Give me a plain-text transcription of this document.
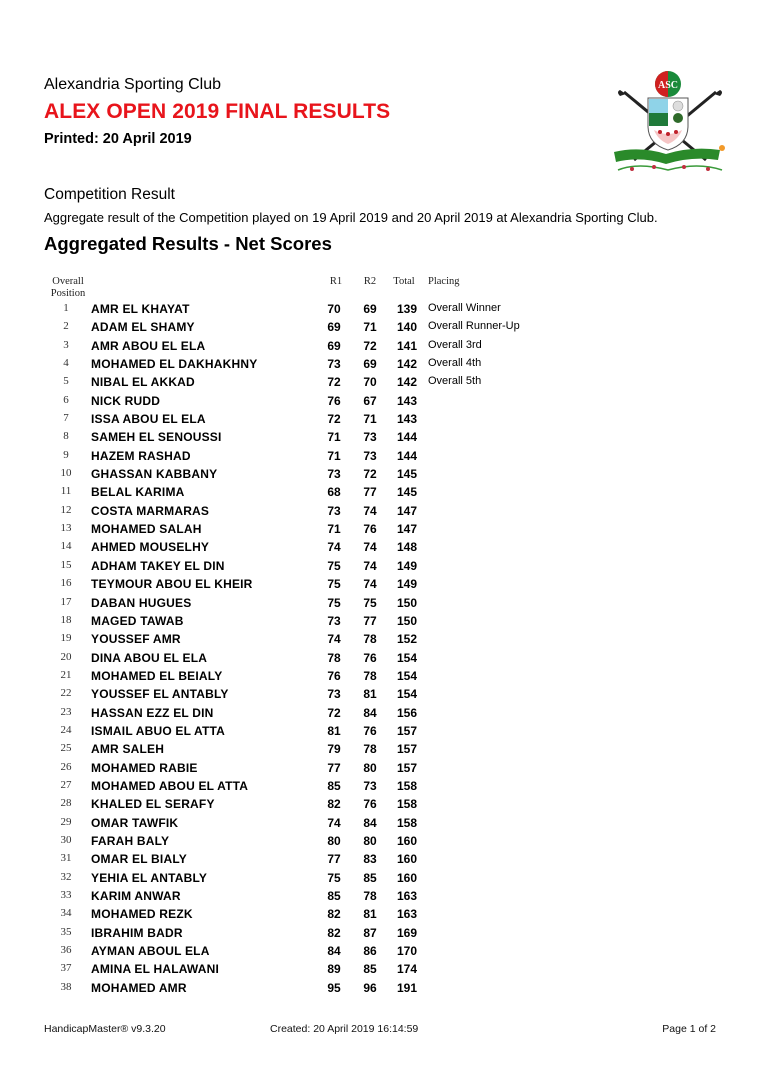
Alexandria Sporting Club
ALEX OPEN 2019 FINAL RESULTS
Printed: 20 April 2019
ASC
Competition Result
Aggregate result of the Competition played on 19 April 2019 and 20 April 2019 at Alexandria Sporting Club.
Aggregated Results - Net Scores
Overall
Position
R1	R2	Total Placing
1	AMR EL KHAYAT	70	69	139 Overall Winner
2	ADAM EL SHAMY	69	71	140 Overall Runner-Up
3	AMR ABOU EL ELA	69	72	141 Overall 3rd
4	MOHAMED EL DAKHAKHNY	73	69	142 Overall 4th
5	NIBAL EL AKKAD	72	70	142 Overall 5th
6	NICK RUDD	76	67	143
7	ISSA ABOU EL ELA	72	71	143
8	SAMEH EL SENOUSSI	71	73	144
9	HAZEM RASHAD	71	73	144
10	GHASSAN KABBANY	73	72	145
11	BELAL KARIMA	68	77	145
12	COSTA MARMARAS	73	74	147
13	MOHAMED SALAH	71	76	147
14	AHMED MOUSELHY	74	74	148
15	ADHAM TAKEY EL DIN	75	74	149
16	TEYMOUR ABOU EL KHEIR	75	74	149
17	DABAN HUGUES	75	75	150
18	MAGED TAWAB	73	77	150
19	YOUSSEF AMR	74	78	152
20	DINA ABOU EL ELA	78	76	154
21	MOHAMED EL BEIALY	76	78	154
22	YOUSSEF EL ANTABLY	73	81	154
23	HASSAN EZZ EL DIN	72	84	156
24	ISMAIL ABUO EL ATTA	81	76	157
25	AMR SALEH	79	78	157
26	MOHAMED RABIE	77	80	157
27	MOHAMED ABOU EL ATTA	85	73	158
28	KHALED EL SERAFY	82	76	158
29	OMAR TAWFIK	74	84	158
30	FARAH BALY	80	80	160
31	OMAR EL BIALY	77	83	160
32	YEHIA EL ANTABLY	75	85	160
33	KARIM ANWAR	85	78	163
34	MOHAMED REZK	82	81	163
35	IBRAHIM BADR	82	87	169
36	AYMAN ABOUL ELA	84	86	170
37	AMINA EL HALAWANI	89	85	174
38	MOHAMED AMR	95	96	191
HandicapMaster® v9.3.20	Created: 20 April 2019 16:14:59	Page 1 of 2
